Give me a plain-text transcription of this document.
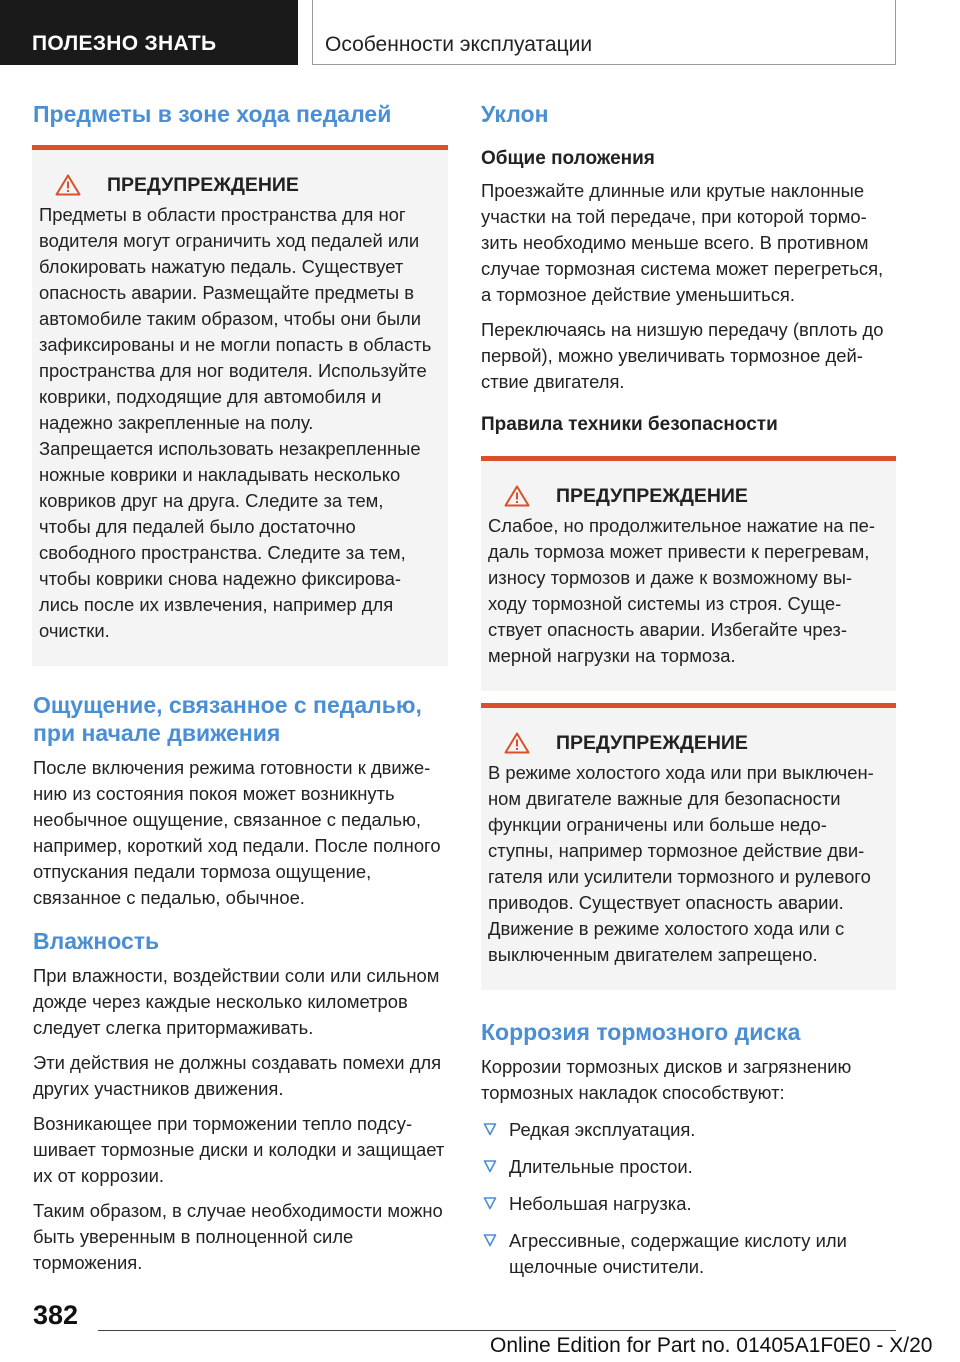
ПОЛЕЗНО ЗНАТЬ	Особенности эксплуатации
Предметы в зоне хода педалей
ПРЕДУПРЕЖДЕНИЕ

Предметы в области пространства для ног водителя могут ограничить ход педалей или блокировать нажатую педаль. Существует опасность аварии. Размещайте предметы в автомобиле таким образом, чтобы они были зафиксированы и не могли попасть в область пространства для ног водителя. Используйте коврики, подходящие для автомобиля и надежно закрепленные на полу. Запрещается использовать незакрепленные ножные коврики и накладывать несколько ковриков друг на друга. Следите за тем, чтобы для педалей было достаточно свободного пространства. Следите за тем, чтобы коврики снова надежно фиксировались после их извлечения, например для очистки.

Ощущение, связанное с педалью, при начале движения

После включения режима готовности к движению из состояния покоя может возникнуть необычное ощущение, связанное с педалью, например, короткий ход педали. После полного отпускания педали тормоза ощущение, связанное с педалью, обычное.

Влажность

При влажности, воздействии соли или сильном дожде через каждые несколько километров следует слегка притормаживать.

Эти действия не должны создавать помехи для других участников движения.

Возникающее при торможении тепло подсушивает тормозные диски и колодки и защищает их от коррозии.

Таким образом, в случае необходимости можно быть уверенным в полноценной силе торможения.

Уклон
Общие положения

Проезжайте длинные или крутые наклонные участки на той передаче, при которой тормозить необходимо меньше всего. В противном случае тормозная система может перегреться, а тормозное действие уменьшиться.

Переключаясь на низшую передачу (вплоть до первой), можно увеличивать тормозное действие двигателя.

Правила техники безопасности
ПРЕДУПРЕЖДЕНИЕ

Слабое, но продолжительное нажатие на педаль тормоза может привести к перегревам, износу тормозов и даже к возможному выходу тормозной системы из строя. Существует опасность аварии. Избегайте чрезмерной нагрузки на тормоза.

ПРЕДУПРЕЖДЕНИЕ

В режиме холостого хода или при выключенном двигателе важные для безопасности функции ограничены или больше недоступны, например тормозное действие двигателя или усилители тормозного и рулевого приводов. Существует опасность аварии. Движение в режиме холостого хода или с выключенным двигателем запрещено.

Коррозия тормозного диска

Коррозии тормозных дисков и загрязнению тормозных накладок способствуют:

Редкая эксплуатация.
Длительные простои.
Небольшая нагрузка.
Агрессивные, содержащие кислоту или щелочные очистители.
382
Online Edition for Part no. 01405A1F0E0 - X/20
